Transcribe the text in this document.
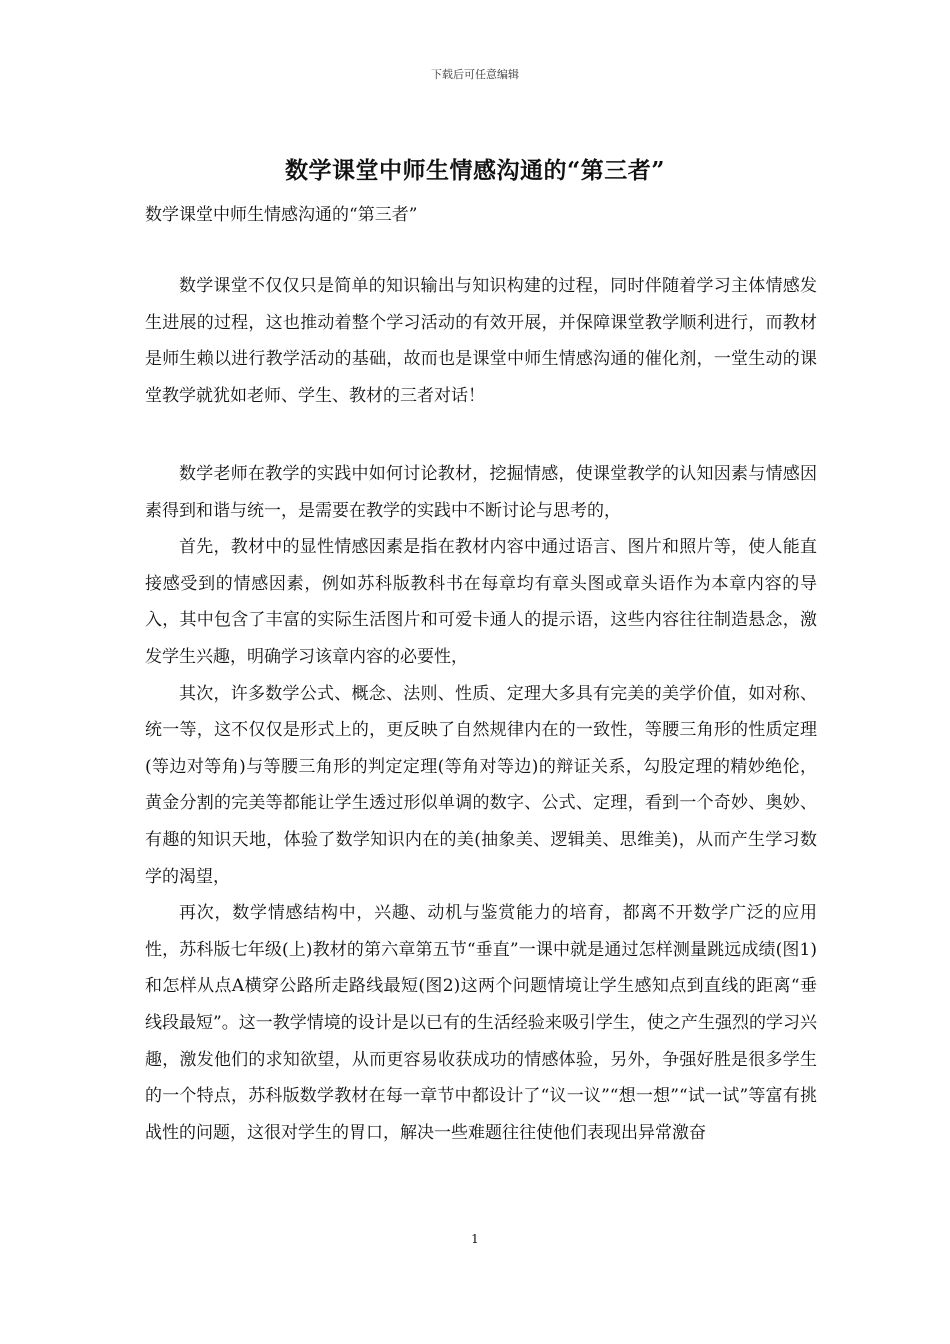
下载后可任意编辑
数学课堂中师生情感沟通的“第三者”
数学课堂中师生情感沟通的“第三者”

数学课堂不仅仅只是简单的知识输出与知识构建的过程，同时伴随着学习主体情感发生进展的过程，这也推动着整个学习活动的有效开展，并保障课堂教学顺利进行，而教材是师生赖以进行教学活动的基础，故而也是课堂中师生情感沟通的催化剂，一堂生动的课堂教学就犹如老师、学生、教材的三者对话！

数学老师在教学的实践中如何讨论教材，挖掘情感，使课堂教学的认知因素与情感因素得到和谐与统一，是需要在教学的实践中不断讨论与思考的，

首先，教材中的显性情感因素是指在教材内容中通过语言、图片和照片等，使人能直接感受到的情感因素，例如苏科版教科书在每章均有章头图或章头语作为本章内容的导入，其中包含了丰富的实际生活图片和可爱卡通人的提示语，这些内容往往制造悬念，激发学生兴趣，明确学习该章内容的必要性，

其次，许多数学公式、概念、法则、性质、定理大多具有完美的美学价值，如对称、统一等，这不仅仅是形式上的，更反映了自然规律内在的一致性，等腰三角形的性质定理(等边对等角)与等腰三角形的判定定理(等角对等边)的辩证关系，勾股定理的精妙绝伦，黄金分割的完美等都能让学生透过形似单调的数字、公式、定理，看到一个奇妙、奥妙、有趣的知识天地，体验了数学知识内在的美(抽象美、逻辑美、思维美)，从而产生学习数学的渴望，

再次，数学情感结构中，兴趣、动机与鉴赏能力的培育，都离不开数学广泛的应用性，苏科版七年级(上)教材的第六章第五节“垂直”一课中就是通过怎样测量跳远成绩(图1)和怎样从点A横穿公路所走路线最短(图2)这两个问题情境让学生感知点到直线的距离“垂线段最短”。这一教学情境的设计是以已有的生活经验来吸引学生，使之产生强烈的学习兴趣，激发他们的求知欲望，从而更容易收获成功的情感体验，另外，争强好胜是很多学生的一个特点，苏科版数学教材在每一章节中都设计了“议一议”“想一想”“试一试”等富有挑战性的问题，这很对学生的胃口，解决一些难题往往使他们表现出异常激奋

1
